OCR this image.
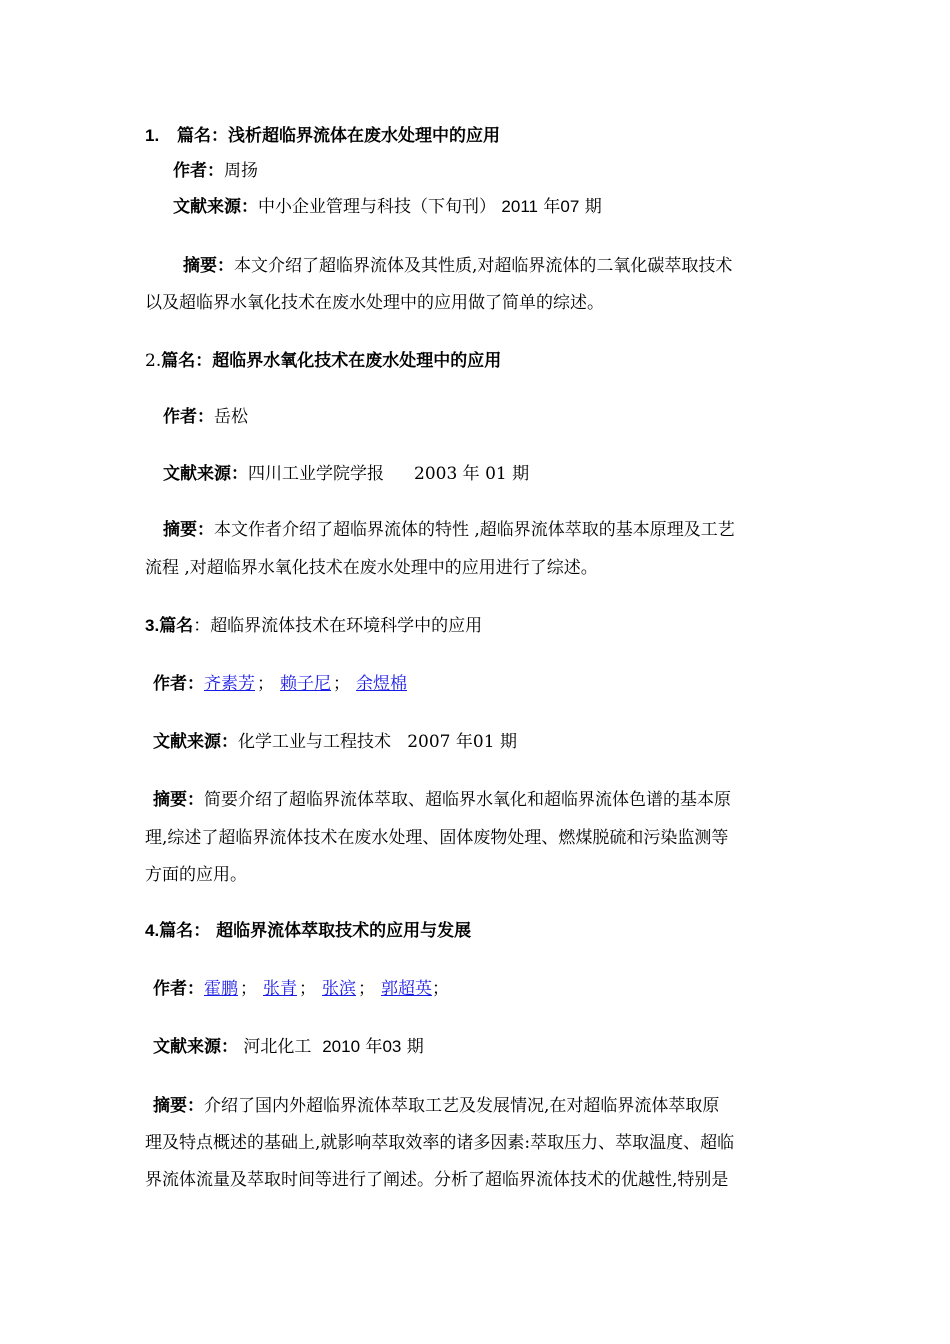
1. 篇名：浅析超临界流体在废水处理中的应用
作者：周扬
文献来源：中小企业管理与科技（下旬刊） 2011 年07 期
摘要：本文介绍了超临界流体及其性质,对超临界流体的二氧化碳萃取技术
以及超临界水氧化技术在废水处理中的应用做了简单的综述。
2.篇名：超临界水氧化技术在废水处理中的应用
作者：岳松
文献来源：四川工业学院学报 2003 年 01 期
摘要：本文作者介绍了超临界流体的特性 ,超临界流体萃取的基本原理及工艺
流程 ,对超临界水氧化技术在废水处理中的应用进行了综述。
3.篇名：超临界流体技术在环境科学中的应用
作者：齐素芳 ； 赖子尼 ； 余煜棉
文献来源：化学工业与工程技术 2007 年01 期
摘要：简要介绍了超临界流体萃取、超临界水氧化和超临界流体色谱的基本原
理,综述了超临界流体技术在废水处理、固体废物处理、燃煤脱硫和污染监测等
方面的应用。
4.篇名： 超临界流体萃取技术的应用与发展
作者：霍鹏 ； 张青 ； 张滨 ； 郭超英；
文献来源： 河北化工 2010 年03 期
摘要：介绍了国内外超临界流体萃取工艺及发展情况,在对超临界流体萃取原
理及特点概述的基础上,就影响萃取效率的诸多因素:萃取压力、萃取温度、超临
界流体流量及萃取时间等进行了阐述。分析了超临界流体技术的优越性,特别是
